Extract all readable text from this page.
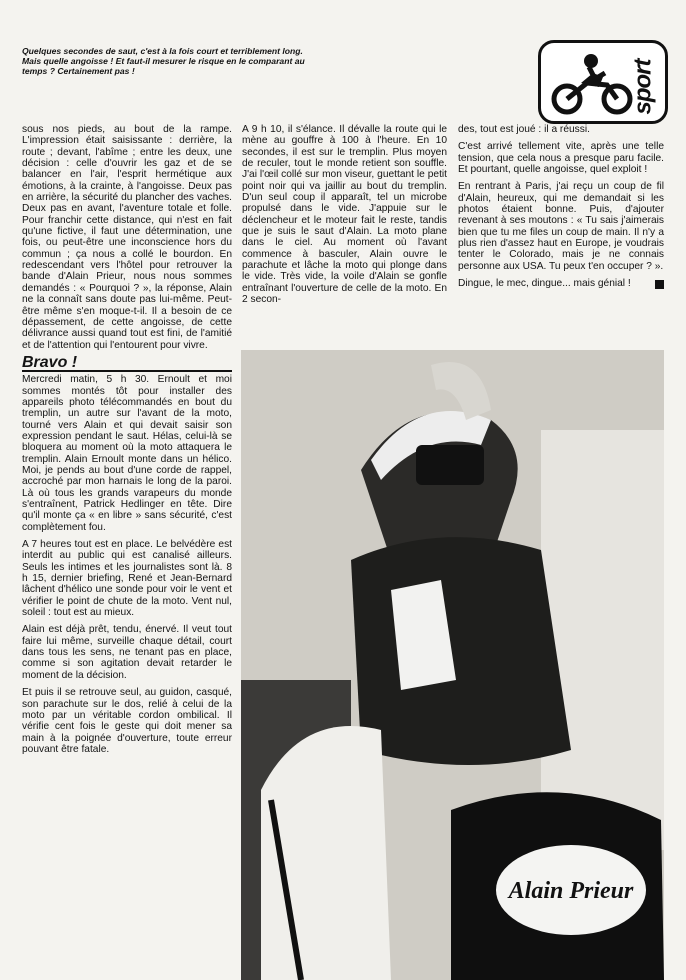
Quelques secondes de saut, c'est à la fois court et terriblement long. Mais quelle angoisse ! Et faut-il mesurer le risque en le comparant au temps ? Certainement pas !	sport

sous nos pieds, au bout de la rampe. L'impression était saisissante : derrière, la route ; devant, l'abîme ; entre les deux, une décision : celle d'ouvrir les gaz et de se balancer en l'air, l'esprit hermétique aux émotions, à la crainte, à l'angoisse. Deux pas en arrière, la sécurité du plancher des vaches. Deux pas en avant, l'aventure totale et folle. Pour franchir cette distance, qui n'est en fait qu'une fictive, il faut une détermination, une fois, ou peut-être une inconscience hors du commun ; ça nous a collé le bourdon. En redescendant vers l'hôtel pour retrouver la bande d'Alain Prieur, nous nous sommes demandés : « Pourquoi ? », la réponse, Alain ne la connaît sans doute pas lui-même. Peut-être même s'en moque-t-il. Il a besoin de ce dépassement, de cette angoisse, de cette délivrance aussi quand tout est fini, de l'amitié et de l'attention qui l'entourent pour vivre.

Bravo !

Mercredi matin, 5 h 30. Ernoult et moi sommes montés tôt pour installer des appareils photo télécommandés en bout du tremplin, un autre sur l'avant de la moto, tourné vers Alain et qui devait saisir son expression pendant le saut. Hélas, celui-là se bloquera au moment où la moto attaquera le tremplin. Alain Ernoult monte dans un hélico. Moi, je pends au bout d'une corde de rappel, accroché par mon harnais le long de la paroi. Là où tous les grands varapeurs du monde s'entraînent, Patrick Hedlinger en tête. Dire qu'il monte ça « en libre » sans sécurité, c'est complètement fou.

A 7 heures tout est en place. Le belvédère est interdit au public qui est canalisé ailleurs. Seuls les intimes et les journalistes sont là. 8 h 15, dernier briefing, René et Jean-Bernard lâchent d'hélico une sonde pour voir le vent et vérifier le point de chute de la moto. Vent nul, soleil : tout est au mieux.

Alain est déjà prêt, tendu, énervé. Il veut tout faire lui même, surveille chaque détail, court dans tous les sens, ne tenant pas en place, comme si son agitation devait retarder le moment de la décision.

Et puis il se retrouve seul, au guidon, casqué, son parachute sur le dos, relié à celui de la moto par un véritable cordon ombilical. Il vérifie cent fois le geste qui doit mener sa main à la poignée d'ouverture, toute erreur pouvant être fatale.

A 9 h 10, il s'élance. Il dévalle la route qui le mène au gouffre à 100 à l'heure. En 10 secondes, il est sur le tremplin. Plus moyen de reculer, tout le monde retient son souffle. J'ai l'œil collé sur mon viseur, guettant le petit point noir qui va jaillir au bout du tremplin. D'un seul coup il apparaît, tel un microbe propulsé dans le vide. J'appuie sur le déclencheur et le moteur fait le reste, tandis que je suis le saut d'Alain. La moto plane dans le ciel. Au moment où l'avant commence à basculer, Alain ouvre le parachute et lâche la moto qui plonge dans le vide. Très vide, la voile d'Alain se gonfle entraînant l'ouverture de celle de la moto. En 2 secon-

des, tout est joué : il a réussi.

C'est arrivé tellement vite, après une telle tension, que cela nous a presque paru facile. Et pourtant, quelle angoisse, quel exploit !

En rentrant à Paris, j'ai reçu un coup de fil d'Alain, heureux, qui me demandait si les photos étaient bonne. Puis, d'ajouter revenant à ses moutons : « Tu sais j'aimerais bien que tu me files un coup de main. Il n'y a plus rien d'assez haut en Europe, je voudrais tenter le Colorado, mais je ne connais personne aux USA. Tu peux t'en occuper ? ».

Dingue, le mec, dingue... mais génial !

Alain Prieur
